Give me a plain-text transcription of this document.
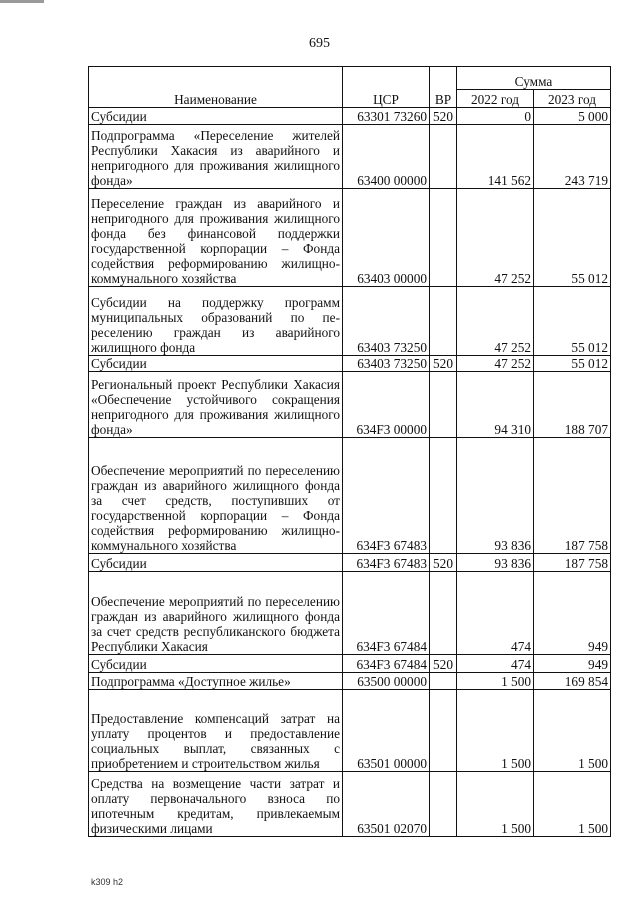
695
Наименование	ЦСР	ВР	Сумма	
			2022 год	2023 год
Субсидии	63301 73260	520	0	5 000
Подпрограмма «Переселение жителей Республики Хакасия из аварийного и непригодного для проживания жилищного фонда»	63400 00000		141 562	243 719
Переселение граждан из аварийного и непригодного для проживания жилищного фонда без финансовой поддержки государственной корпорации – Фонда содействия реформированию жилищно-коммунального хозяйства	63403 00000		47 252	55 012
Субсидии на поддержку программ муниципальных образований по переселению граждан из аварийного жилищного фонда	63403 73250		47 252	55 012
Субсидии	63403 73250	520	47 252	55 012
Региональный проект Республики Хакасия «Обеспечение устойчивого сокращения непригодного для проживания жилищного фонда»	634F3 00000		94 310	188 707
Обеспечение мероприятий по переселению граждан из аварийного жилищного фонда за счет средств, поступивших от государственной корпорации – Фонда содействия реформированию жилищно-коммунального хозяйства	634F3 67483		93 836	187 758
Субсидии	634F3 67483	520	93 836	187 758
Обеспечение мероприятий по переселению граждан из аварийного жилищного фонда за счет средств республиканского бюджета Республики Хакасия	634F3 67484		474	949
Субсидии	634F3 67484	520	474	949
Подпрограмма «Доступное жилье»	63500 00000		1 500	169 854
Предоставление компенсаций затрат на уплату процентов и предоставление социальных выплат, связанных с приобретением и строительством жилья	63501 00000		1 500	1 500
Средства на возмещение части затрат и оплату первоначального взноса по ипотечным кредитам, привлекаемым физическими лицами	63501 02070		1 500	1 500
k309 h2
